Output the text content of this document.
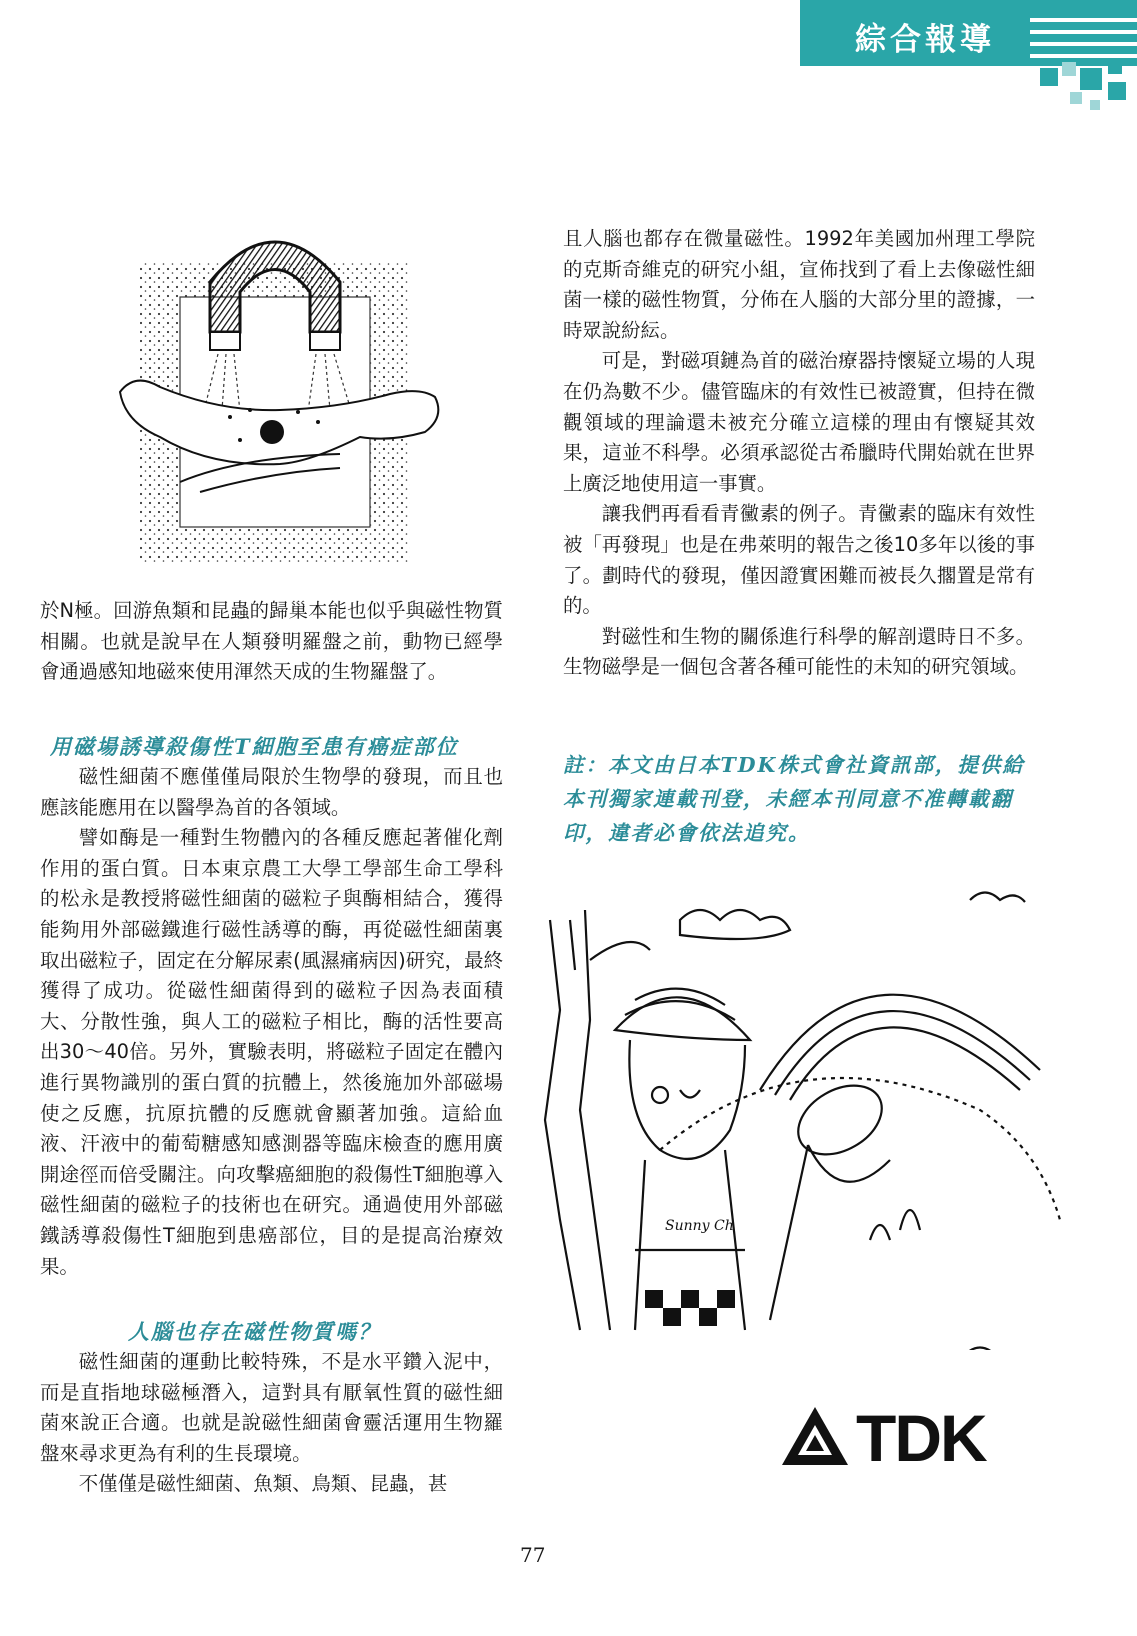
綜合報導

於N極。回游魚類和昆蟲的歸巢本能也似乎與磁性物質相關。也就是說早在人類發明羅盤之前，動物已經學會通過感知地磁來使用渾然天成的生物羅盤了。

用磁場誘導殺傷性T細胞至患有癌症部位

磁性細菌不應僅僅局限於生物學的發現，而且也應該能應用在以醫學為首的各領域。

譬如酶是一種對生物體內的各種反應起著催化劑作用的蛋白質。日本東京農工大學工學部生命工學科的松永是教授將磁性細菌的磁粒子與酶相結合，獲得能夠用外部磁鐵進行磁性誘導的酶，再從磁性細菌裏取出磁粒子，固定在分解尿素(風濕痛病因)研究，最終獲得了成功。從磁性細菌得到的磁粒子因為表面積大、分散性強，與人工的磁粒子相比，酶的活性要高出30～40倍。另外，實驗表明，將磁粒子固定在體內進行異物識別的蛋白質的抗體上，然後施加外部磁場使之反應，抗原抗體的反應就會顯著加強。這給血液、汗液中的葡萄糖感知感測器等臨床檢查的應用廣開途徑而倍受關注。向攻擊癌細胞的殺傷性T細胞導入磁性細菌的磁粒子的技術也在研究。通過使用外部磁鐵誘導殺傷性T細胞到患癌部位，目的是提高治療效果。

人腦也存在磁性物質嗎？

磁性細菌的運動比較特殊，不是水平鑽入泥中，而是直指地球磁極潛入，這對具有厭氧性質的磁性細菌來說正合適。也就是說磁性細菌會靈活運用生物羅盤來尋求更為有利的生長環境。

不僅僅是磁性細菌、魚類、鳥類、昆蟲，甚

且人腦也都存在微量磁性。1992年美國加州理工學院的克斯奇維克的研究小組，宣佈找到了看上去像磁性細菌一樣的磁性物質，分佈在人腦的大部分里的證據，一時眾說紛紜。

可是，對磁項鏈為首的磁治療器持懷疑立場的人現在仍為數不少。儘管臨床的有效性已被證實，但持在微觀領域的理論還未被充分確立這樣的理由有懷疑其效果，這並不科學。必須承認從古希臘時代開始就在世界上廣泛地使用這一事實。

讓我們再看看青黴素的例子。青黴素的臨床有效性被「再發現」也是在弗萊明的報告之後10多年以後的事了。劃時代的發現，僅因證實困難而被長久擱置是常有的。

對磁性和生物的關係進行科學的解剖還時日不多。生物磁學是一個包含著各種可能性的未知的研究領域。

註：本文由日本TDK株式會社資訊部，提供給本刊獨家連載刊登，未經本刊同意不准轉載翻印，違者必會依法追究。
Sunny Ch
TDK
77
